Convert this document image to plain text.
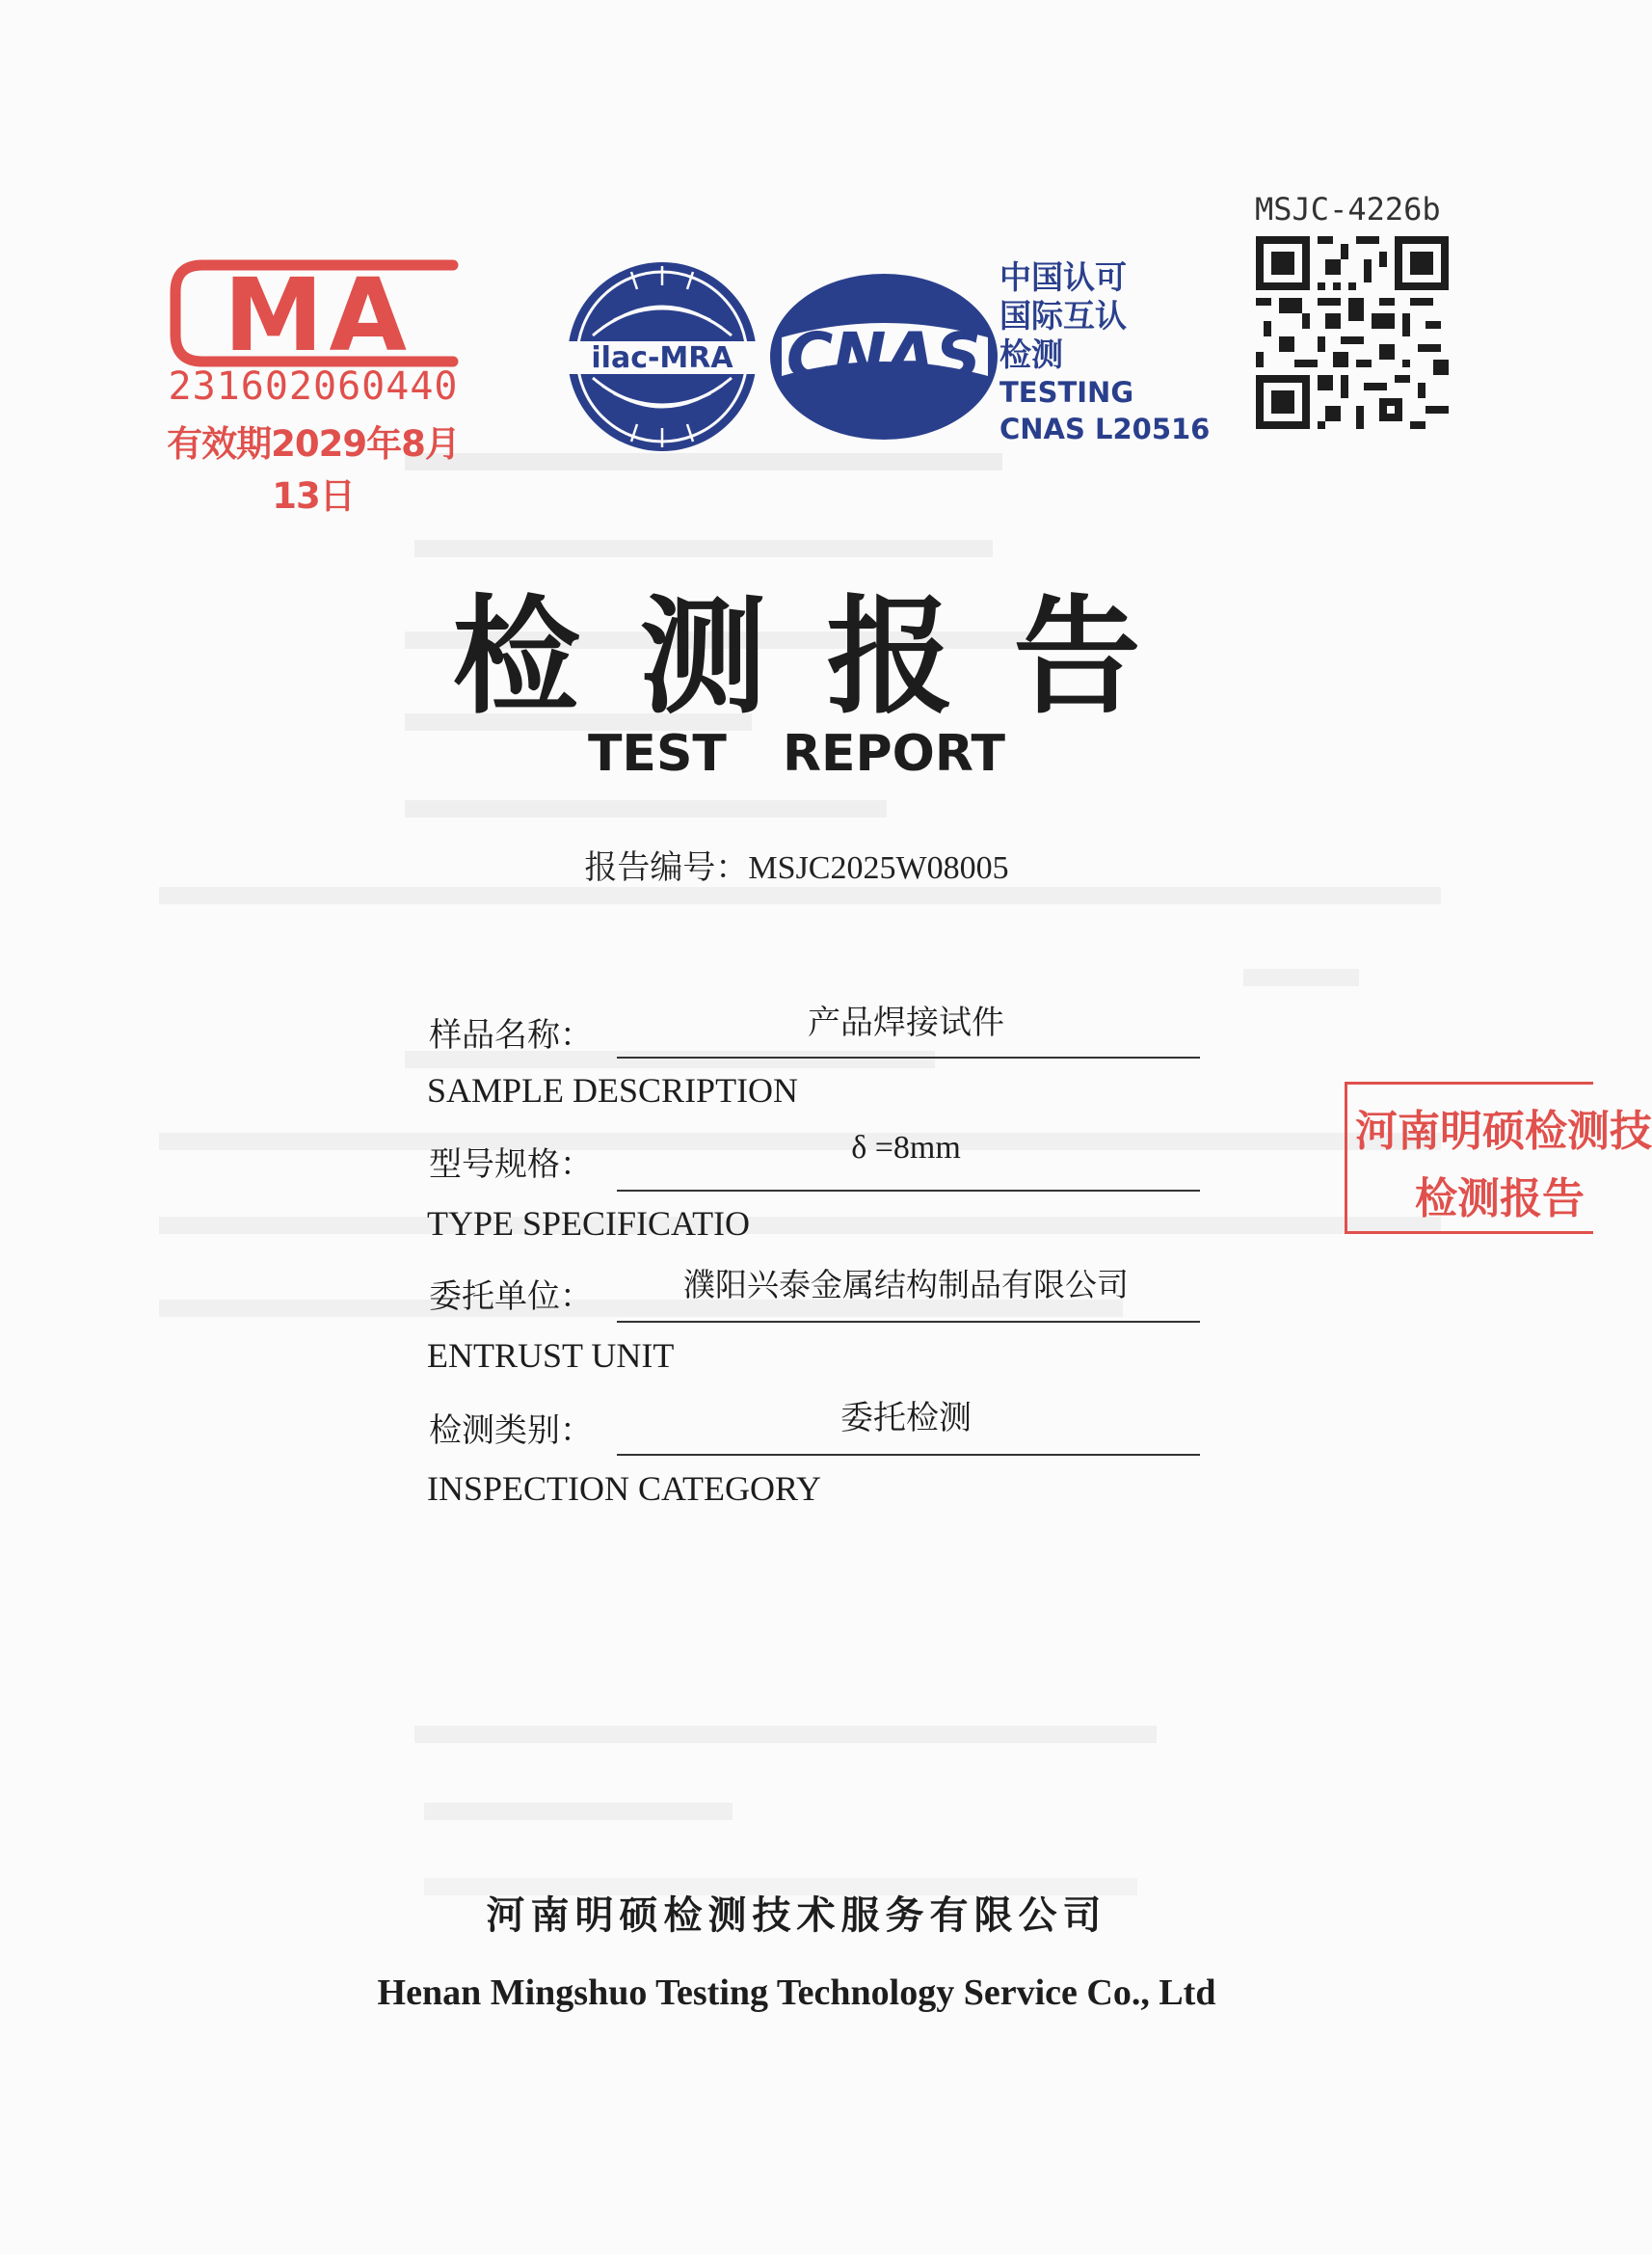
MA
231602060440
有效期2029年8月13日
ilac-MRA CNAS
中国认可
国际互认
检测
TESTING
CNAS L20516
MSJC-4226b
检测报告
TEST REPORT
报告编号：MSJC2025W08005
样品名称：	产品焊接试件
SAMPLE DESCRIPTION
型号规格：	δ =8mm
TYPE SPECIFICATIO
委托单位：	濮阳兴泰金属结构制品有限公司
ENTRUST UNIT
检测类别：	委托检测
INSPECTION CATEGORY
河南明硕检测技
检测报告
河南明硕检测技术服务有限公司
Henan Mingshuo Testing Technology Service Co., Ltd
